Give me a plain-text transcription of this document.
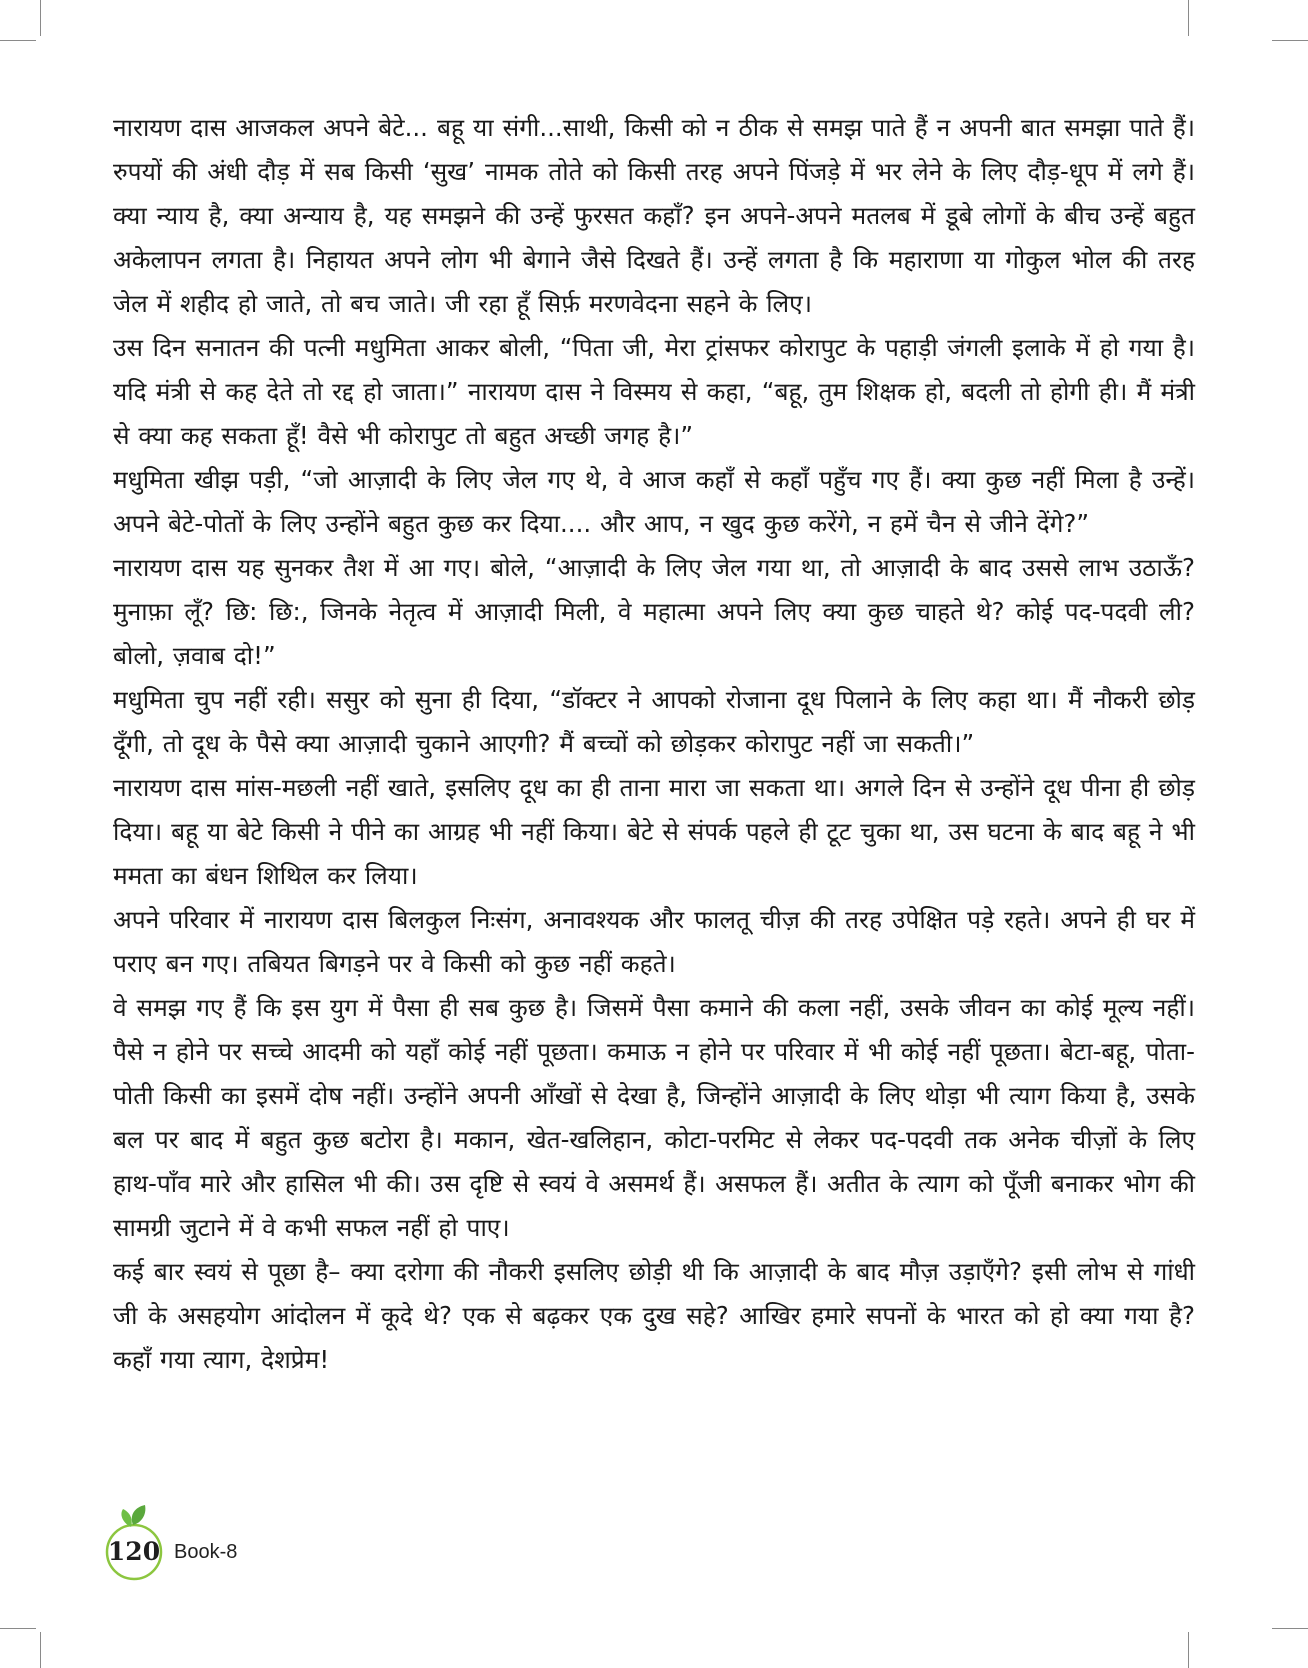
नारायण दास आजकल अपने बेटे... बहू या संगी...साथी, किसी को न ठीक से समझ पाते हैं न अपनी बात समझा पाते हैं। रुपयों की अंधी दौड़ में सब किसी ‘सुख’ नामक तोते को किसी तरह अपने पिंजड़े में भर लेने के लिए दौड़-धूप में लगे हैं। क्या न्याय है, क्या अन्याय है, यह समझने की उन्हें फुरसत कहाँ? इन अपने-अपने मतलब में डूबे लोगों के बीच उन्हें बहुत अकेलापन लगता है। निहायत अपने लोग भी बेगाने जैसे दिखते हैं। उन्हें लगता है कि महाराणा या गोकुल भोल की तरह जेल में शहीद हो जाते, तो बच जाते। जी रहा हूँ सिर्फ़ मरणवेदना सहने के लिए।

उस दिन सनातन की पत्नी मधुमिता आकर बोली, “पिता जी, मेरा ट्रांसफर कोरापुट के पहाड़ी जंगली इलाके में हो गया है। यदि मंत्री से कह देते तो रद्द हो जाता।” नारायण दास ने विस्मय से कहा, “बहू, तुम शिक्षक हो, बदली तो होगी ही। मैं मंत्री से क्या कह सकता हूँ! वैसे भी कोरापुट तो बहुत अच्छी जगह है।”

मधुमिता खीझ पड़ी, “जो आज़ादी के लिए जेल गए थे, वे आज कहाँ से कहाँ पहुँच गए हैं। क्या कुछ नहीं मिला है उन्हें। अपने बेटे-पोतों के लिए उन्होंने बहुत कुछ कर दिया.... और आप, न खुद कुछ करेंगे, न हमें चैन से जीने देंगे?”

नारायण दास यह सुनकर तैश में आ गए। बोले, “आज़ादी के लिए जेल गया था, तो आज़ादी के बाद उससे लाभ उठाऊँ? मुनाफ़ा लूँ? छि: छि:, जिनके नेतृत्व में आज़ादी मिली, वे महात्मा अपने लिए क्या कुछ चाहते थे? कोई पद-पदवी ली? बोलो, ज़वाब दो!”

मधुमिता चुप नहीं रही। ससुर को सुना ही दिया, “डॉक्टर ने आपको रोजाना दूध पिलाने के लिए कहा था। मैं नौकरी छोड़ दूँगी, तो दूध के पैसे क्या आज़ादी चुकाने आएगी? मैं बच्चों को छोड़कर कोरापुट नहीं जा सकती।”

नारायण दास मांस-मछली नहीं खाते, इसलिए दूध का ही ताना मारा जा सकता था। अगले दिन से उन्होंने दूध पीना ही छोड़ दिया। बहू या बेटे किसी ने पीने का आग्रह भी नहीं किया। बेटे से संपर्क पहले ही टूट चुका था, उस घटना के बाद बहू ने भी ममता का बंधन शिथिल कर लिया।

अपने परिवार में नारायण दास बिलकुल निःसंग, अनावश्यक और फालतू चीज़ की तरह उपेक्षित पड़े रहते। अपने ही घर में पराए बन गए। तबियत बिगड़ने पर वे किसी को कुछ नहीं कहते।

वे समझ गए हैं कि इस युग में पैसा ही सब कुछ है। जिसमें पैसा कमाने की कला नहीं, उसके जीवन का कोई मूल्य नहीं। पैसे न होने पर सच्चे आदमी को यहाँ कोई नहीं पूछता। कमाऊ न होने पर परिवार में भी कोई नहीं पूछता। बेटा-बहू, पोता-पोती किसी का इसमें दोष नहीं। उन्होंने अपनी आँखों से देखा है, जिन्होंने आज़ादी के लिए थोड़ा भी त्याग किया है, उसके बल पर बाद में बहुत कुछ बटोरा है। मकान, खेत-खलिहान, कोटा-परमिट से लेकर पद-पदवी तक अनेक चीज़ों के लिए हाथ-पाँव मारे और हासिल भी की। उस दृष्टि से स्वयं वे असमर्थ हैं। असफल हैं। अतीत के त्याग को पूँजी बनाकर भोग की सामग्री जुटाने में वे कभी सफल नहीं हो पाए।

कई बार स्वयं से पूछा है– क्या दरोगा की नौकरी इसलिए छोड़ी थी कि आज़ादी के बाद मौज़ उड़ाएँगे? इसी लोभ से गांधी जी के असहयोग आंदोलन में कूदे थे? एक से बढ़कर एक दुख सहे? आखिर हमारे सपनों के भारत को हो क्या गया है? कहाँ गया त्याग, देशप्रेम!

120 Book-8
